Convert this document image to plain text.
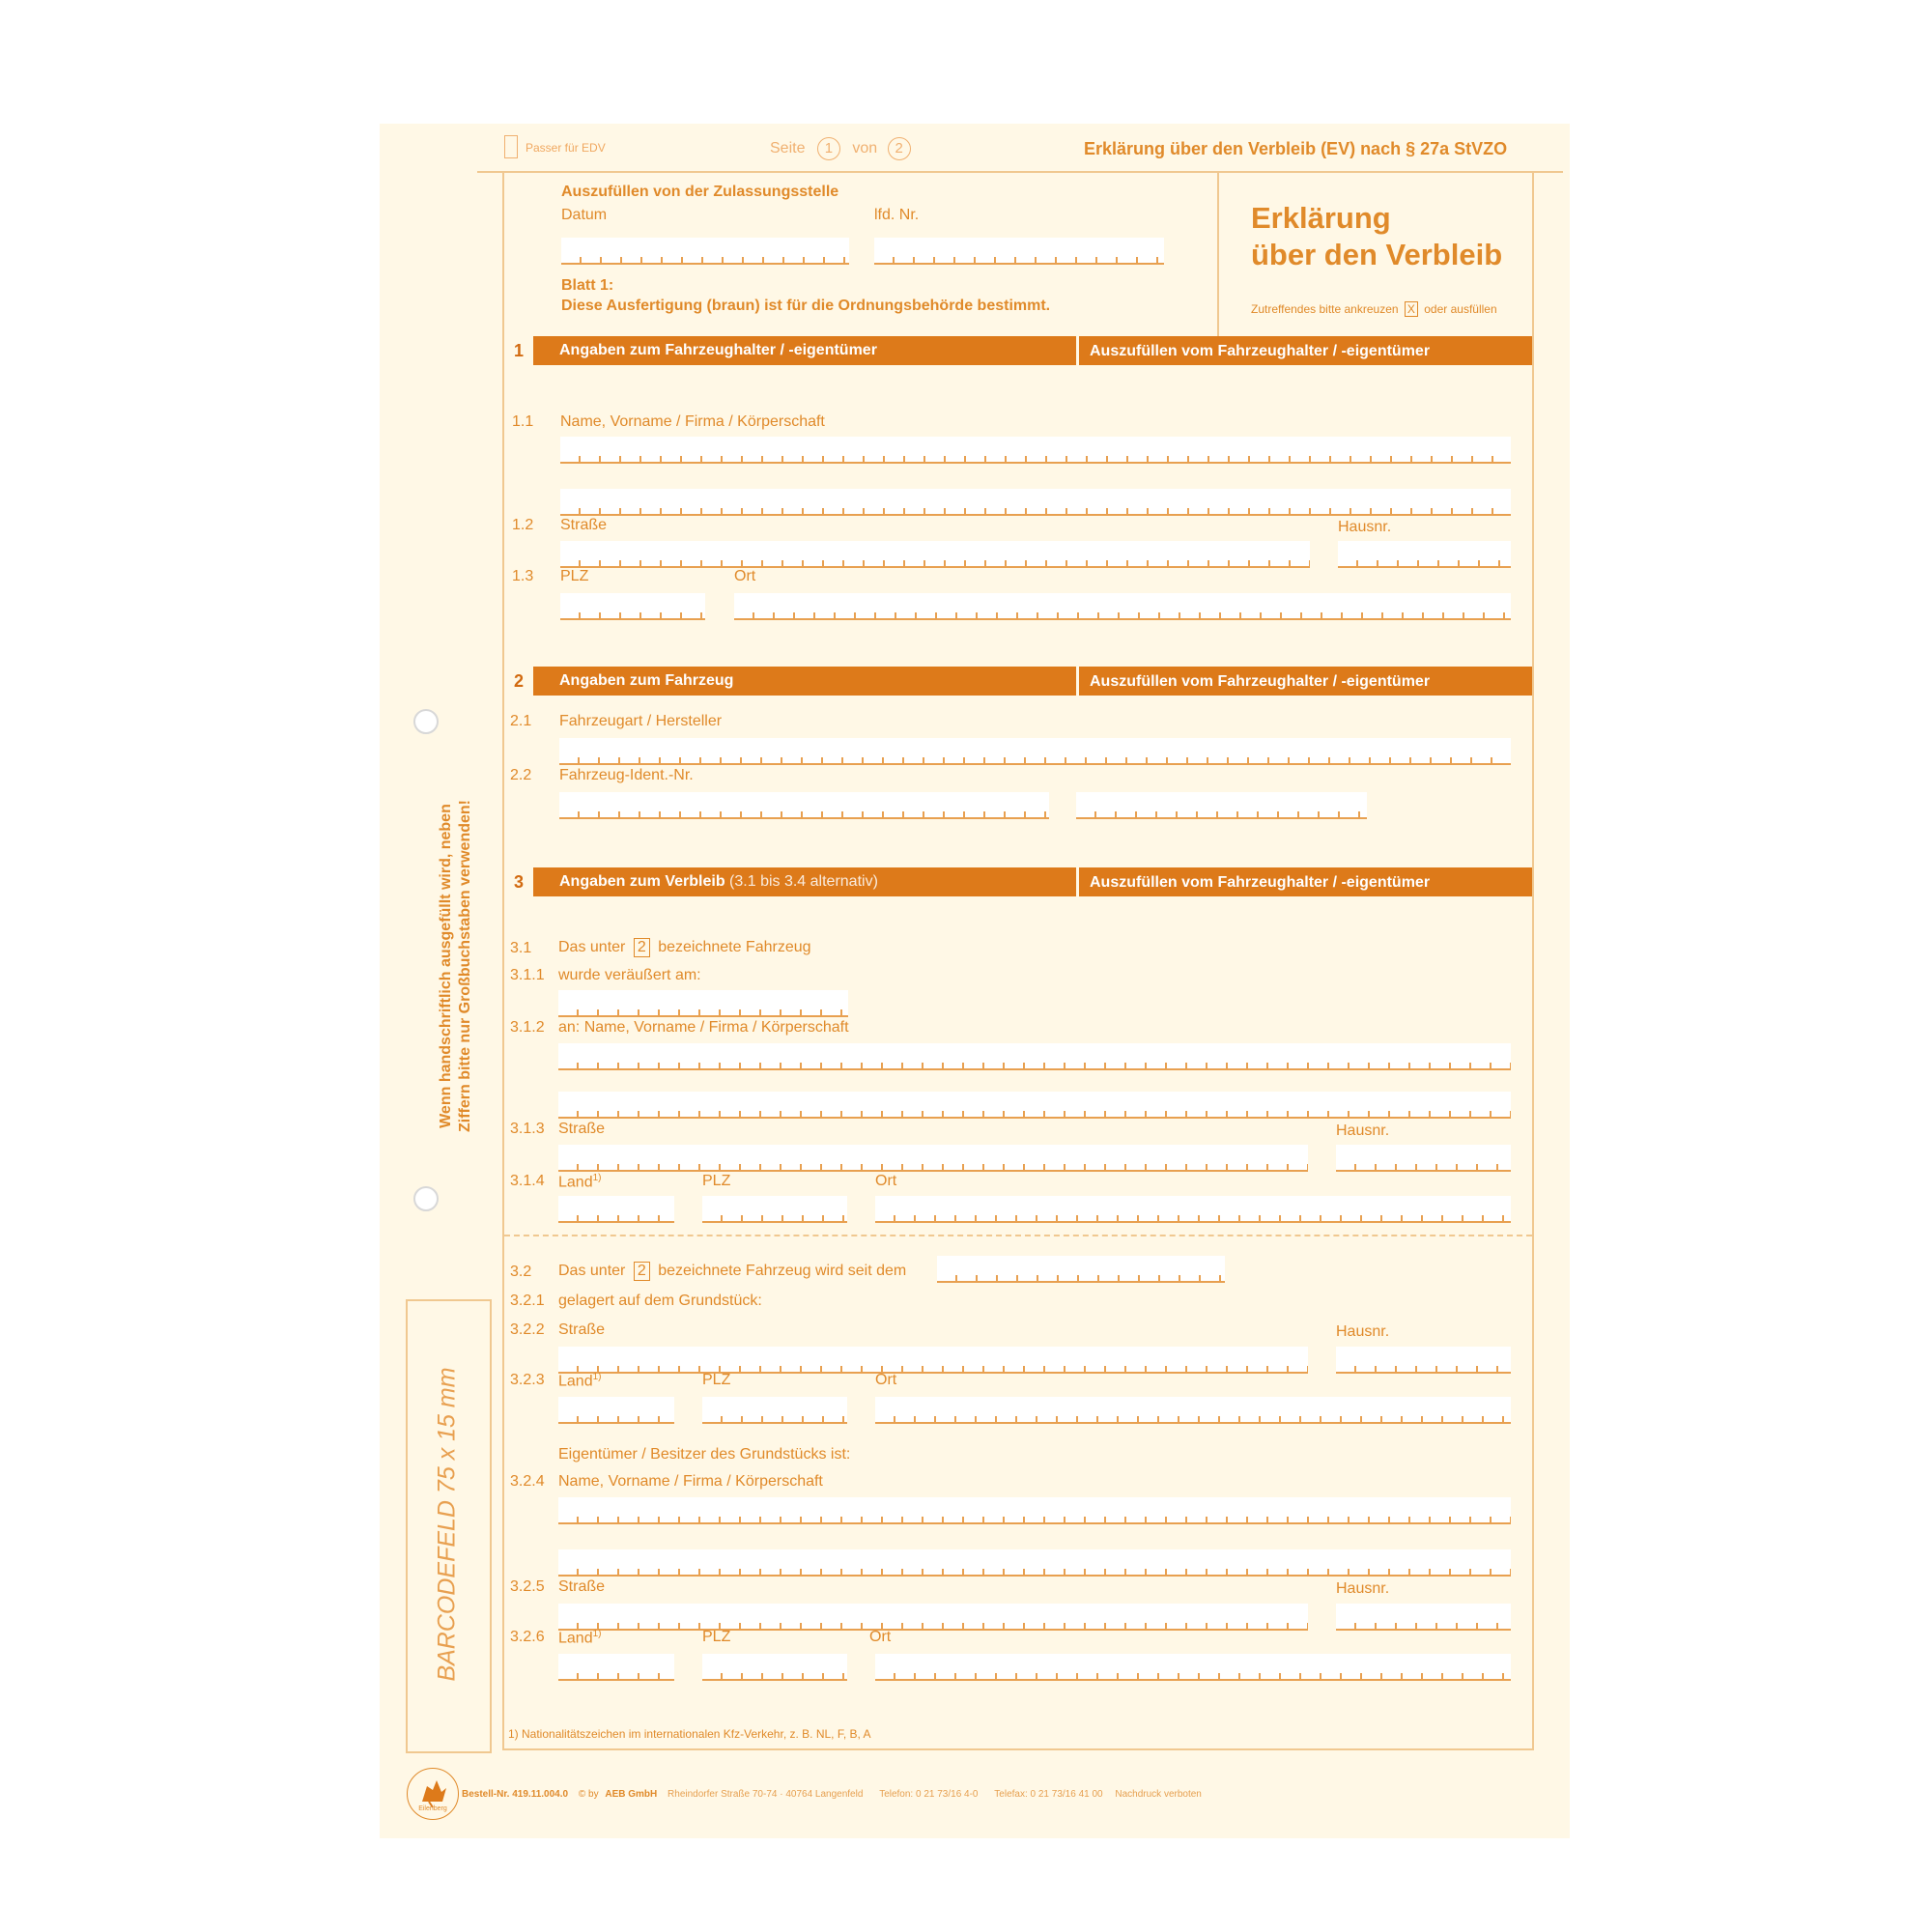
Passer für EDV	Seite 1 von 2	Erklärung über den Verbleib (EV) nach § 27a StVZO
Auszufüllen von der Zulassungsstelle
Datum	lfd. Nr.
Blatt 1:
Diese Ausfertigung (braun) ist für die Ordnungsbehörde bestimmt.
Erklärung
über den Verbleib
Zutreffendes bitte ankreuzen X oder ausfüllen
1	Angaben zum Fahrzeughalter / -eigentümer	Auszufüllen vom Fahrzeughalter / -eigentümer
1.1 Name, Vorname / Firma / Körperschaft
1.2 Straße	Hausnr.
1.3 PLZ	Ort
2	Angaben zum Fahrzeug	Auszufüllen vom Fahrzeughalter / -eigentümer
2.1 Fahrzeugart / Hersteller
2.2 Fahrzeug-Ident.-Nr.
3	Angaben zum Verbleib (3.1 bis 3.4 alternativ)	Auszufüllen vom Fahrzeughalter / -eigentümer
3.1 Das unter 2 bezeichnete Fahrzeug
3.1.1 wurde veräußert am:
3.1.2 an: Name, Vorname / Firma / Körperschaft
3.1.3 Straße	Hausnr.
3.1.4 Land$^{1)}$	PLZ	Ort
3.2 Das unter 2 bezeichnete Fahrzeug wird seit dem
3.2.1 gelagert auf dem Grundstück:
3.2.2 Straße	Hausnr.
3.2.3 Land$^{1)}$	PLZ	Ort
Eigentümer / Besitzer des Grundstücks ist:
3.2.4 Name, Vorname / Firma / Körperschaft
3.2.5 Straße	Hausnr.
3.2.6 Land$^{1)}$	PLZ	Ort
1) Nationalitätszeichen im internationalen Kfz-Verkehr, z. B. NL, F, B, A
Wenn handschriftlich ausgefüllt wird, neben Ziffern bitte nur Großbuchstaben verwenden!
BARCODEFELD 75 x 15 mm
Eilenberg
Bestell-Nr. 419.11.004.0 © by AEB GmbH Rheindorfer Straße 70-74 · 40764 Langenfeld Telefon: 0 21 73/16 4-0 Telefax: 0 21 73/16 41 00 Nachdruck verboten
